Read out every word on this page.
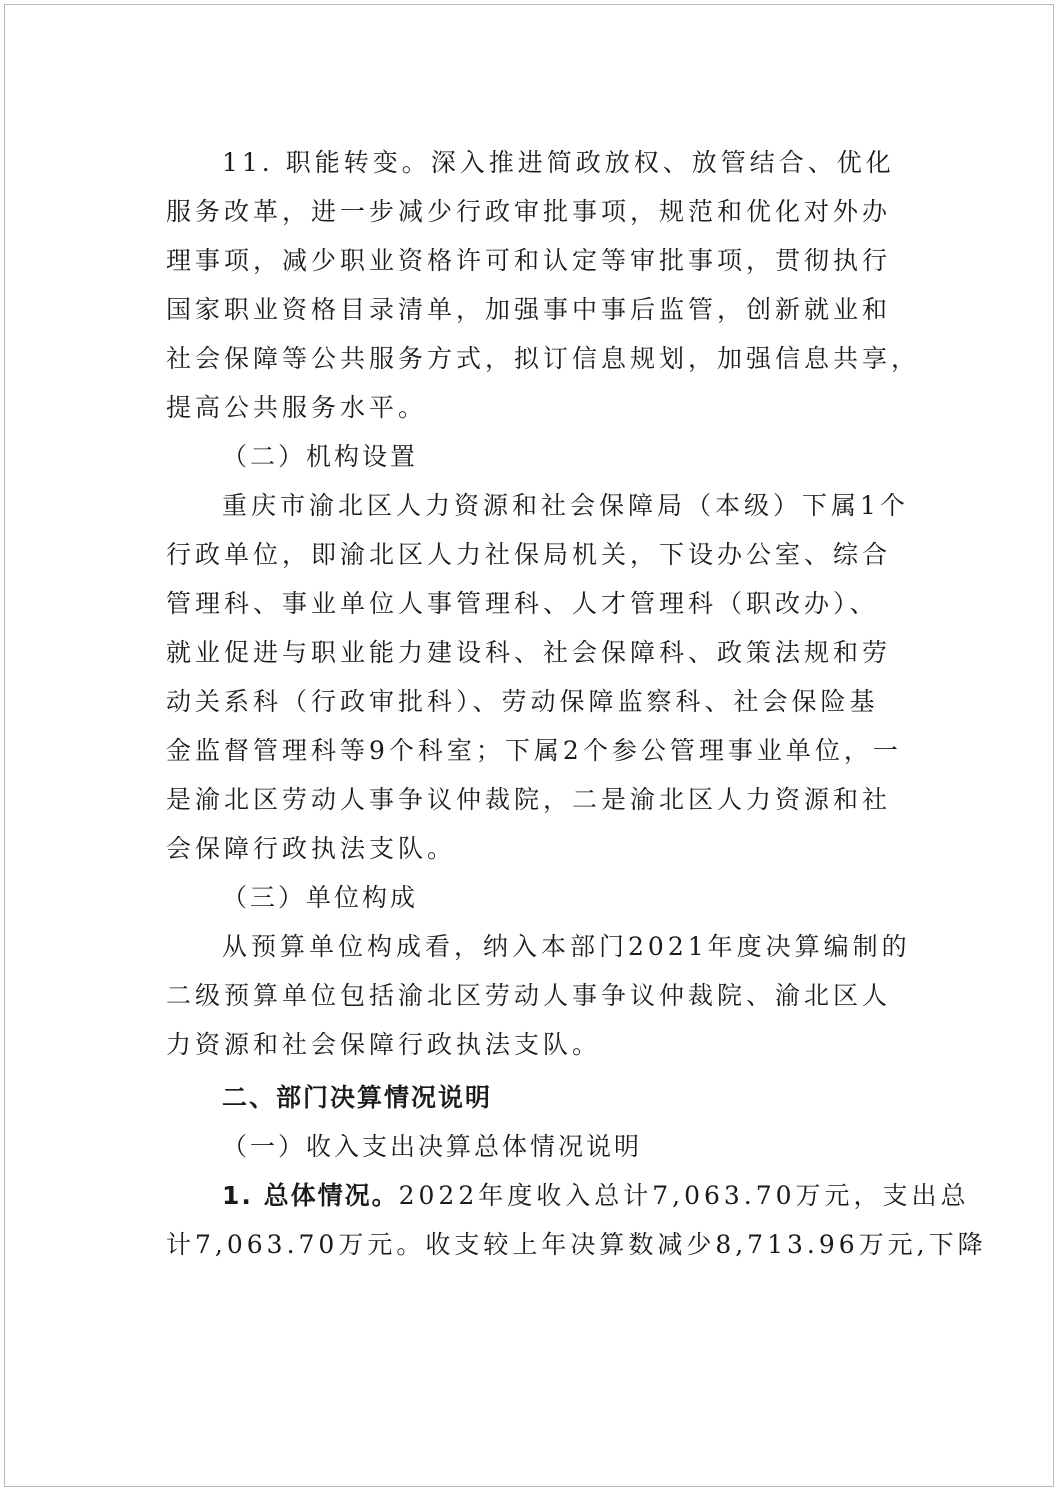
11. 职能转变。深入推进简政放权、放管结合、优化

服务改革，进一步减少行政审批事项，规范和优化对外办

理事项，减少职业资格许可和认定等审批事项，贯彻执行

国家职业资格目录清单，加强事中事后监管，创新就业和

社会保障等公共服务方式，拟订信息规划，加强信息共享，

提高公共服务水平。

（二）机构设置

重庆市渝北区人力资源和社会保障局（本级）下属1个

行政单位，即渝北区人力社保局机关，下设办公室、综合

管理科、事业单位人事管理科、人才管理科（职改办）、

就业促进与职业能力建设科、社会保障科、政策法规和劳

动关系科（行政审批科）、劳动保障监察科、社会保险基

金监督管理科等9个科室；下属2个参公管理事业单位，一

是渝北区劳动人事争议仲裁院，二是渝北区人力资源和社

会保障行政执法支队。

（三）单位构成

从预算单位构成看，纳入本部门2021年度决算编制的

二级预算单位包括渝北区劳动人事争议仲裁院、渝北区人

力资源和社会保障行政执法支队。

二、部门决算情况说明

（一）收入支出决算总体情况说明

1. 总体情况。2022年度收入总计7,063.70万元，支出总

计7,063.70万元。收支较上年决算数减少8,713.96万元,下降
